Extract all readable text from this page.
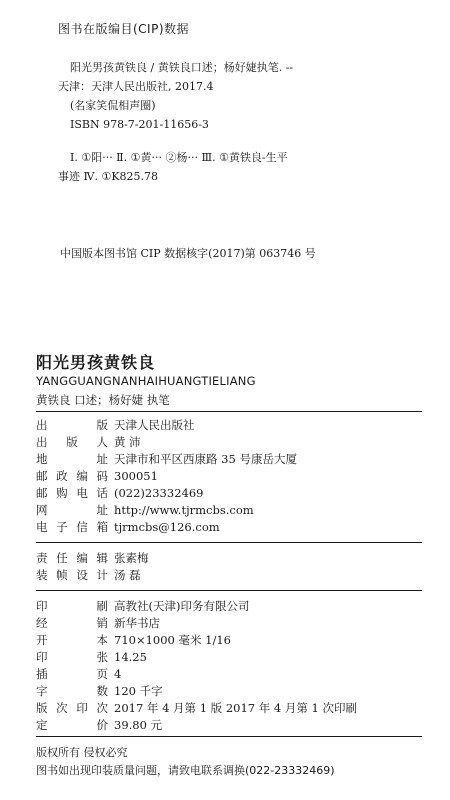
图书在版编目(CIP)数据
阳光男孩黄铁良 / 黄铁良口述；杨好婕执笔. --
天津：天津人民出版社, 2017.4
(名家笑侃相声圈)
ISBN 978-7-201-11656-3
Ⅰ. ①阳··· Ⅱ. ①黄··· ②杨··· Ⅲ. ①黄铁良-生平
事迹 Ⅳ. ①K825.78
中国版本图书馆 CIP 数据核字(2017)第 063746 号
阳光男孩黄铁良
YANGGUANGNANHAIHUANGTIELIANG
黄铁良 口述；杨好婕 执笔
出	版 天津人民出版社
出 版 人 黄 沛
地	址 天津市和平区西康路 35 号康岳大厦
邮 政 编 码 300051
邮 购 电 话 (022)23332469
网	址 http://www.tjrmcbs.com
电 子 信 箱 tjrmcbs@126.com
责 任 编 辑 张素梅
装 帧 设 计 汤 磊
印	刷 高教社(天津)印务有限公司
经	销 新华书店
开	本 710×1000 毫米 1/16
印	张 14.25
插	页 4
字	数 120 千字
版 次 印 次 2017 年 4 月第 1 版 2017 年 4 月第 1 次印刷
定	价 39.80 元
版权所有 侵权必究
图书如出现印装质量问题，请致电联系调换(022-23332469)
